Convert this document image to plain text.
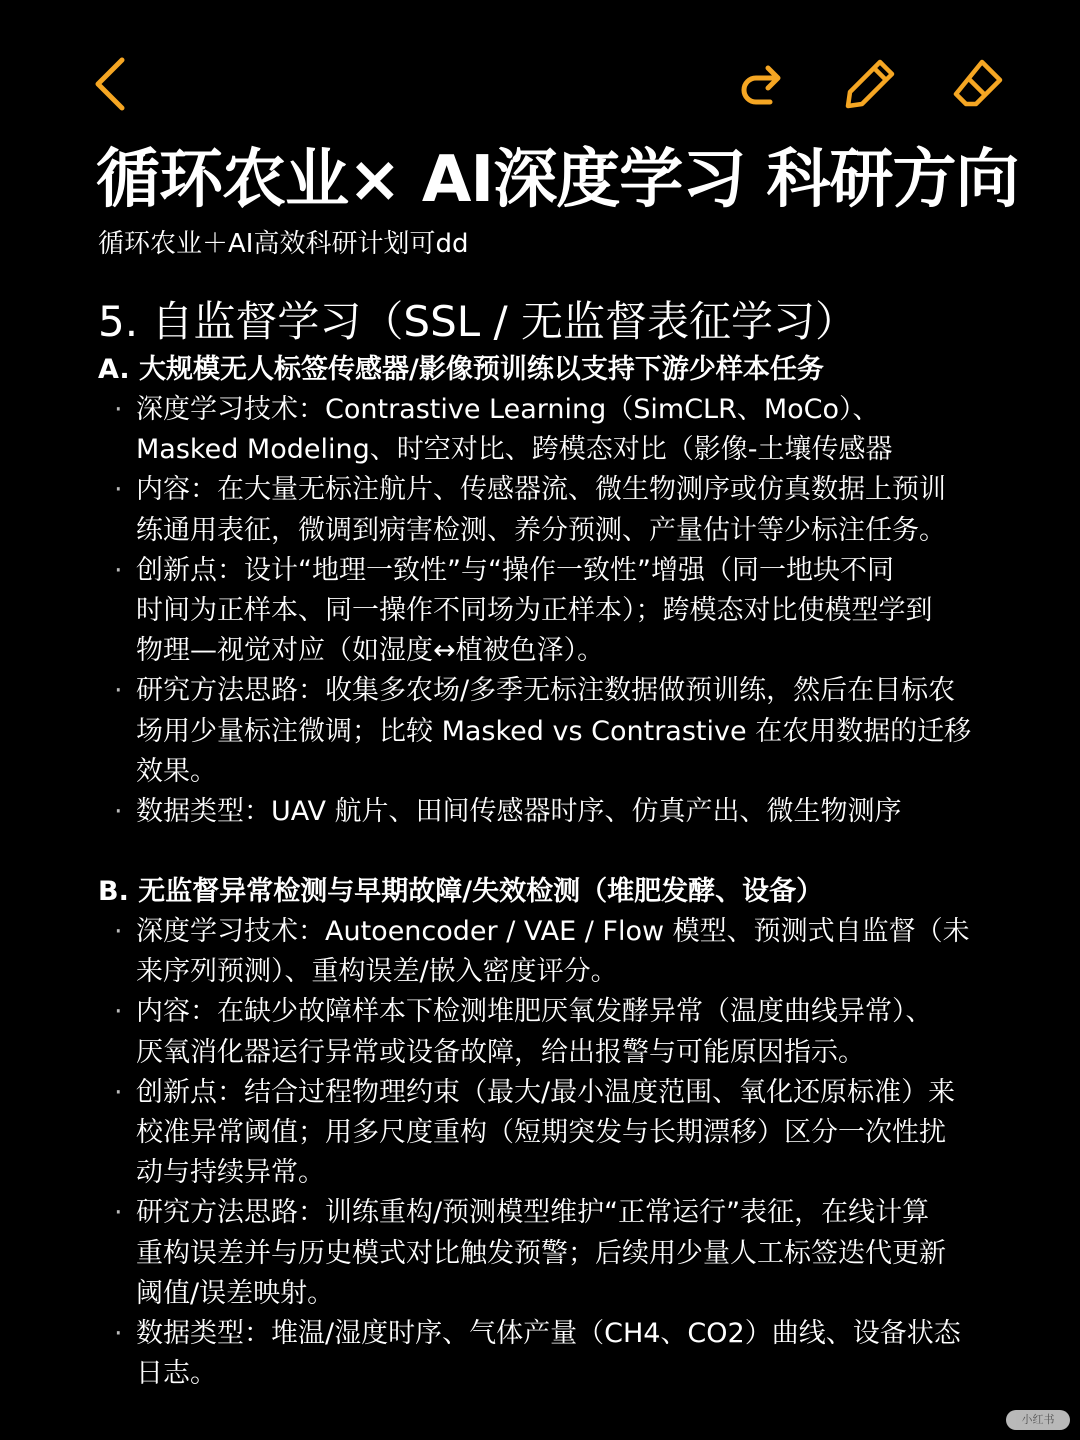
循环农业× AI深度学习 科研方向
循环农业＋AI高效科研计划可dd
5. 自监督学习（SSL / 无监督表征学习）
A. 大规模无人标签传感器/影像预训练以支持下游少样本任务
· 深度学习技术：Contrastive Learning（SimCLR、MoCo）、
Masked Modeling、时空对比、跨模态对比（影像-土壤传感器
· 内容：在大量无标注航片、传感器流、微生物测序或仿真数据上预训
练通用表征，微调到病害检测、养分预测、产量估计等少标注任务。
· 创新点：设计“地理一致性”与“操作一致性”增强（同一地块不同
时间为正样本、同一操作不同场为正样本）；跨模态对比使模型学到
物理—视觉对应（如湿度↔植被色泽）。
· 研究方法思路：收集多农场/多季无标注数据做预训练，然后在目标农
场用少量标注微调；比较 Masked vs Contrastive 在农用数据的迁移
效果。
· 数据类型：UAV 航片、田间传感器时序、仿真产出、微生物测序
B. 无监督异常检测与早期故障/失效检测（堆肥发酵、设备）
· 深度学习技术：Autoencoder / VAE / Flow 模型、预测式自监督（未
来序列预测）、重构误差/嵌入密度评分。
· 内容：在缺少故障样本下检测堆肥厌氧发酵异常（温度曲线异常）、
厌氧消化器运行异常或设备故障，给出报警与可能原因指示。
· 创新点：结合过程物理约束（最大/最小温度范围、氧化还原标准）来
校准异常阈值；用多尺度重构（短期突发与长期漂移）区分一次性扰
动与持续异常。
· 研究方法思路：训练重构/预测模型维护“正常运行”表征，在线计算
重构误差并与历史模式对比触发预警；后续用少量人工标签迭代更新
阈值/误差映射。
· 数据类型：堆温/湿度时序、气体产量（CH4、CO2）曲线、设备状态
日志。
小红书
